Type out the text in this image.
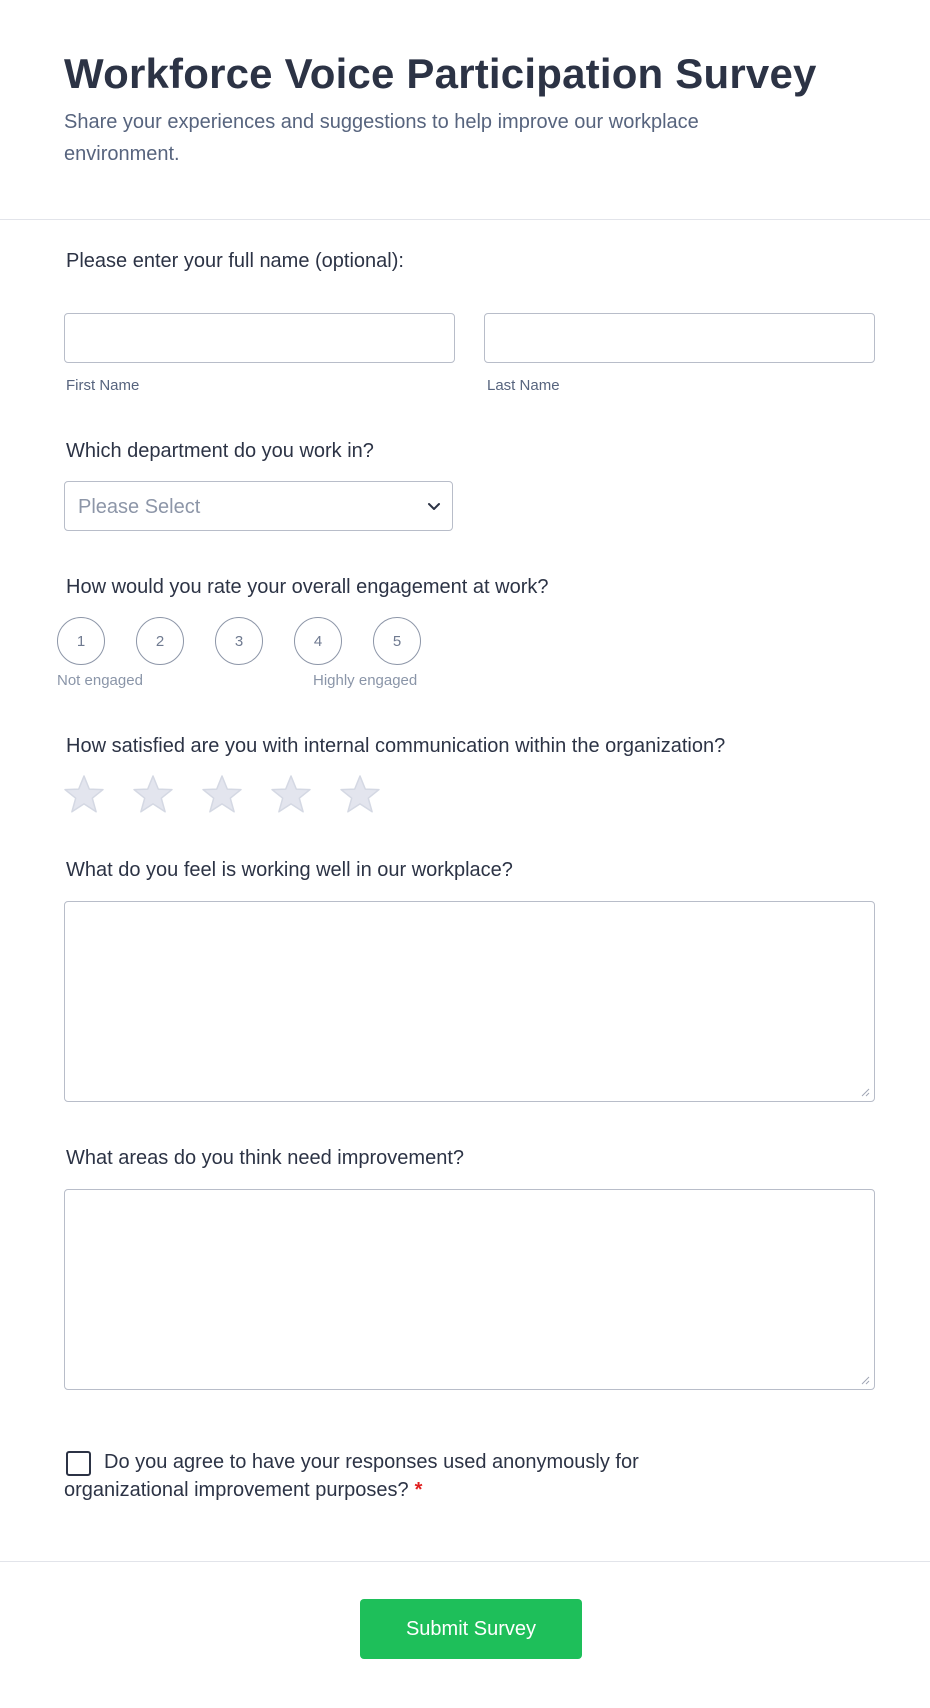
Workforce Voice Participation Survey

Share your experiences and suggestions to help improve our workplace environment.

Please enter your full name (optional):
First Name	Last Name
Which department do you work in?
Please Select
How would you rate your overall engagement at work?
1	2	3	4	5
Not engaged	Highly engaged
How satisfied are you with internal communication within the organization?
What do you feel is working well in our workplace?
What areas do you think need improvement?

Do you agree to have your responses used anonymously for organizational improvement purposes? *

Submit Survey
